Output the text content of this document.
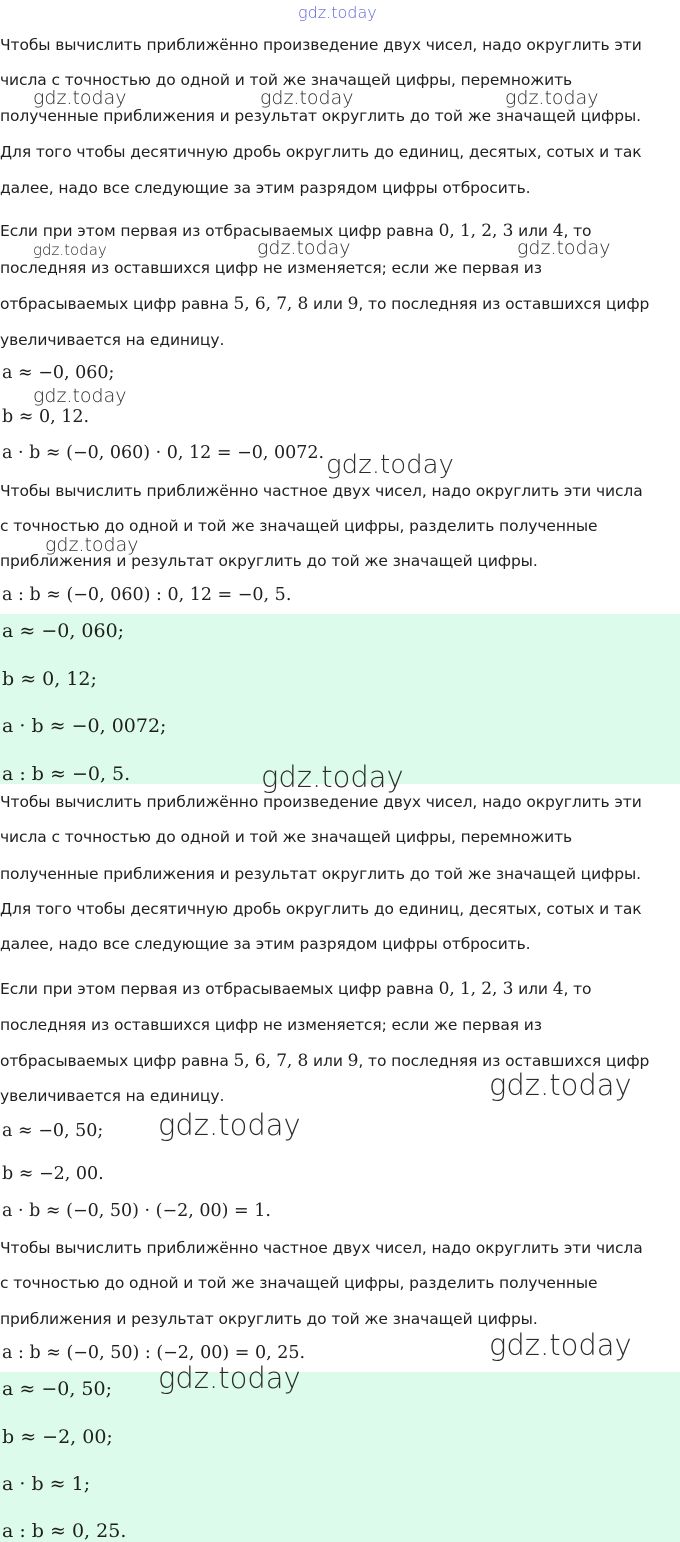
Чтобы вычислить приближённо произведение двух чисел, надо округлить эти
числа с точностью до одной и той же значащей цифры, перемножить
полученные приближения и результат округлить до той же значащей цифры.
Для того чтобы десятичную дробь округлить до единиц, десятых, сотых и так
далее, надо все следующие за этим разрядом цифры отбросить.
Если при этом первая из отбрасываемых цифр равна 0, 1, 2, 3 или 4, то
последняя из оставшихся цифр не изменяется; если же первая из
отбрасываемых цифр равна 5, 6, 7, 8 или 9, то последняя из оставшихся цифр
увеличивается на единицу.
a ≈ −0, 060;
b ≈ 0, 12.
a · b ≈ (−0, 060) · 0, 12 = −0, 0072.
Чтобы вычислить приближённо частное двух чисел, надо округлить эти числа
с точностью до одной и той же значащей цифры, разделить полученные
приближения и результат округлить до той же значащей цифры.
a : b ≈ (−0, 060) : 0, 12 = −0, 5.
a ≈ −0, 060;
b ≈ 0, 12;
a · b ≈ −0, 0072;
a : b ≈ −0, 5.
Чтобы вычислить приближённо произведение двух чисел, надо округлить эти
числа с точностью до одной и той же значащей цифры, перемножить
полученные приближения и результат округлить до той же значащей цифры.
Для того чтобы десятичную дробь округлить до единиц, десятых, сотых и так
далее, надо все следующие за этим разрядом цифры отбросить.
Если при этом первая из отбрасываемых цифр равна 0, 1, 2, 3 или 4, то
последняя из оставшихся цифр не изменяется; если же первая из
отбрасываемых цифр равна 5, 6, 7, 8 или 9, то последняя из оставшихся цифр
увеличивается на единицу.
a ≈ −0, 50;
b ≈ −2, 00.
a · b ≈ (−0, 50) · (−2, 00) = 1.
Чтобы вычислить приближённо частное двух чисел, надо округлить эти числа
с точностью до одной и той же значащей цифры, разделить полученные
приближения и результат округлить до той же значащей цифры.
a : b ≈ (−0, 50) : (−2, 00) = 0, 25.
a ≈ −0, 50;
b ≈ −2, 00;
a · b ≈ 1;
a : b ≈ 0, 25.
gdz.today
gdz.today	gdz.today	gdz.today
gdz.today	gdz.today	gdz.today
gdz.today
gdz.today
gdz.today
gdz.today
gdz.today
gdz.today
gdz.today
gdz.today
